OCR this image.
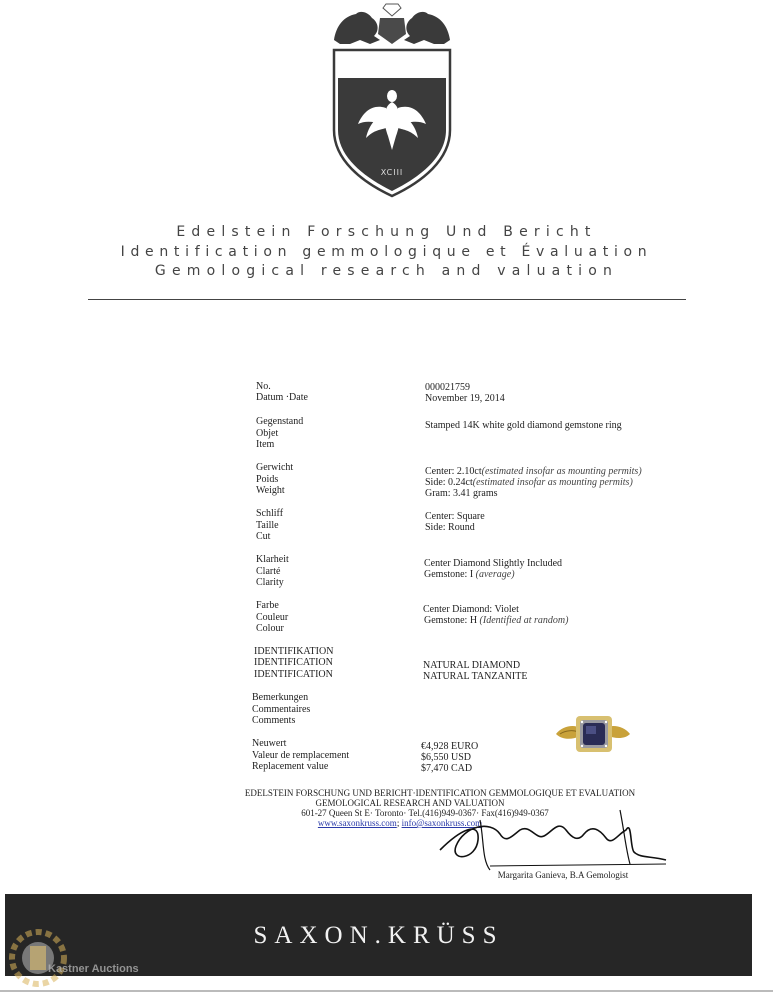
XCIII
Edelstein Forschung Und Bericht
Identification gemmologique et Évaluation
Gemological research and valuation
No.
Datum ·Date
000021759
November 19, 2014
Gegenstand
Objet
Item
Stamped 14K white gold diamond gemstone ring
Gerwicht
Poids
Weight
Center: 2.10ct(estimated insofar as mounting permits)
Side: 0.24ct(estimated insofar as mounting permits)
Gram: 3.41 grams
Schliff
Taille
Cut
Center: Square
Side: Round
Klarheit
Clarté
Clarity
Center Diamond Slightly Included
Gemstone: I (average)
Farbe
Couleur
Colour
Center Diamond: Violet
Gemstone: H (Identified at random)
IDENTIFIKATION
IDENTIFICATION
IDENTIFICATION
NATURAL DIAMOND
NATURAL TANZANITE
Bemerkungen
Commentaires
Comments
Neuwert
Valeur de remplacement
Replacement value
€4,928 EURO
$6,550 USD
$7,470 CAD
EDELSTEIN FORSCHUNG UND BERICHT·IDENTIFICATION GEMMOLOGIQUE ET EVALUATION
GEMOLOGICAL RESEARCH AND VALUATION
601-27 Queen St E· Toronto· Tel.(416)949-0367· Fax(416)949-0367
www.saxonkruss.com; info@saxonkruss.com
Margarita Ganieva, B.A Gemologist
SAXON.KRÜSS
Kastner Auctions
